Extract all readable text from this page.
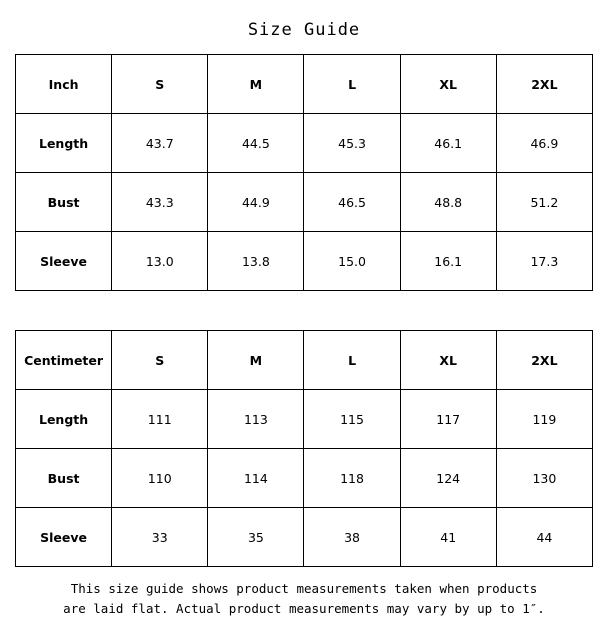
Size Guide
Inch	S	M	L	XL	2XL
Length	43.7	44.5	45.3	46.1	46.9
Bust	43.3	44.9	46.5	48.8	51.2
Sleeve	13.0	13.8	15.0	16.1	17.3
Centimeter	S	M	L	XL	2XL
Length	111	113	115	117	119
Bust	110	114	118	124	130
Sleeve	33	35	38	41	44
This size guide shows product measurements taken when products
are laid flat. Actual product measurements may vary by up to 1″.
